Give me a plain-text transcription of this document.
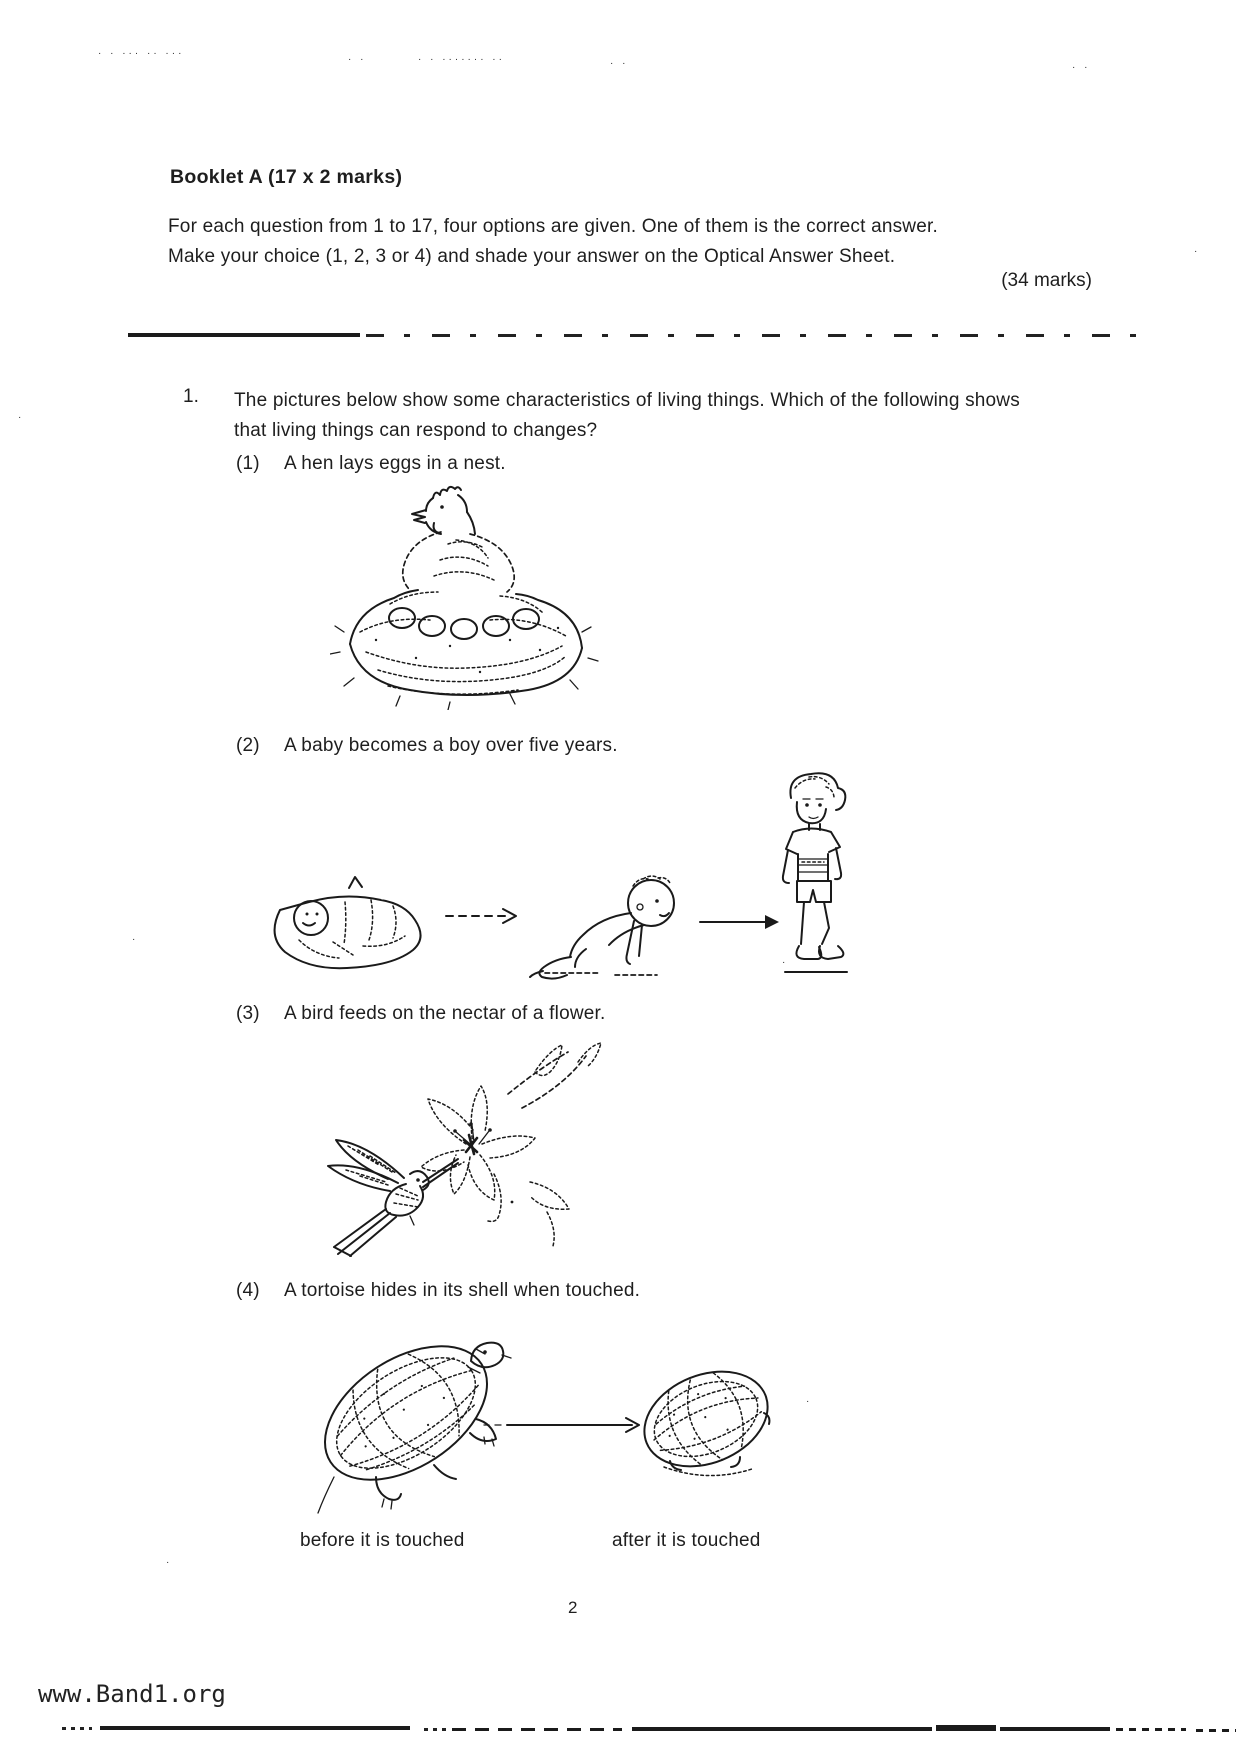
· · ··· ·· ···
· ·	· · ······· ··	· ·	· ·
·
·
·
·
·
·
Booklet A (17 x 2 marks)
For each question from 1 to 17, four options are given. One of them is the correct answer.
Make your choice (1, 2, 3 or 4) and shade your answer on the Optical Answer Sheet.
(34 marks)
1. The pictures below show some characteristics of living things. Which of the following shows that living things can respond to changes?
(1) A hen lays eggs in a nest.
(2) A baby becomes a boy over five years.
(3) A bird feeds on the nectar of a flower.
(4) A tortoise hides in its shell when touched.
before it is touched	after it is touched
2
www.Band1.org
